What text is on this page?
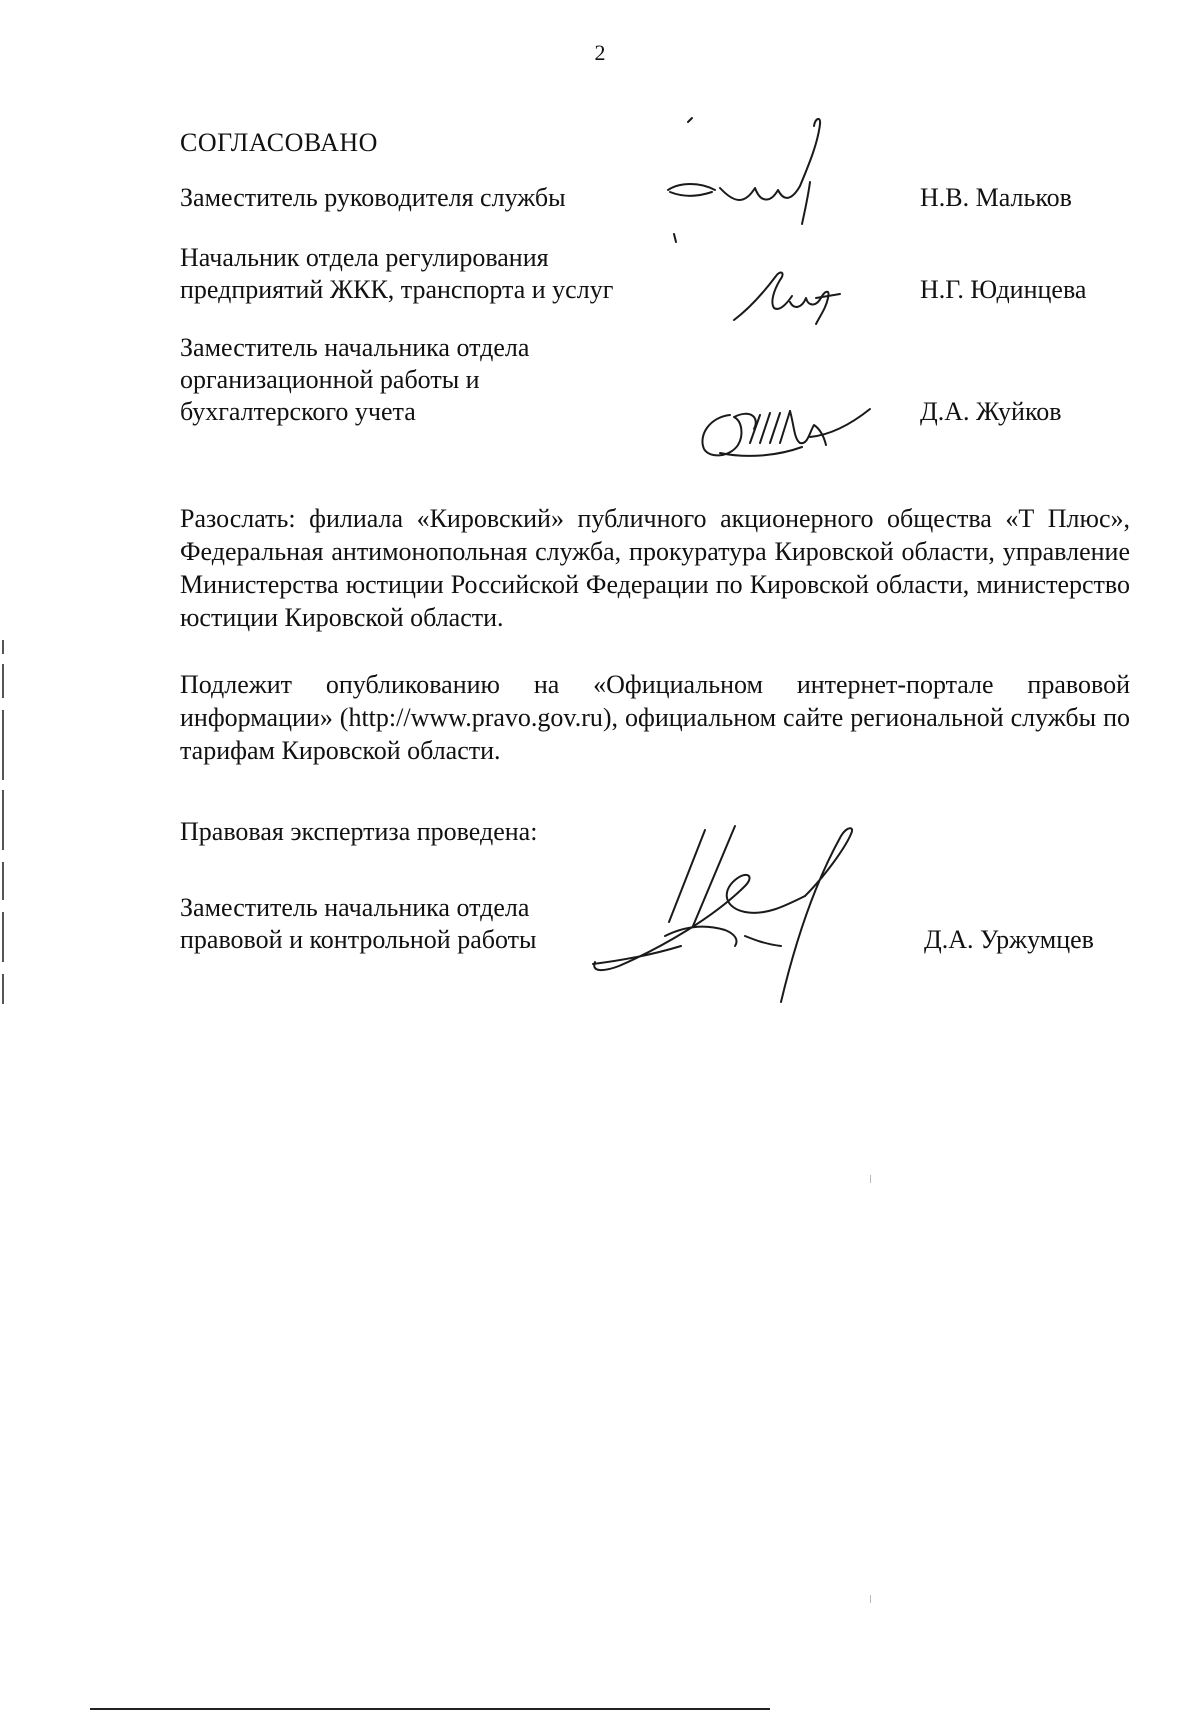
2
СОГЛАСОВАНО
Заместитель руководителя службы	Н.В. Мальков
Начальник отдела регулирования
предприятий ЖКК, транспорта и услуг	Н.Г. Юдинцева
Заместитель начальника отдела
организационной работы и
бухгалтерского учета	Д.А. Жуйков
Разослать: филиала «Кировский» публичного акционерного общества «Т Плюс», Федеральная антимонопольная служба, прокуратура Кировской области, управление Министерства юстиции Российской Федерации по Кировской области, министерство юстиции Кировской области.
Подлежит опубликованию на «Официальном интернет-портале правовой информации» (http://www.pravo.gov.ru), официальном сайте региональной службы по тарифам Кировской области.
Правовая экспертиза проведена:
Заместитель начальника отдела
правовой и контрольной работы	Д.А. Уржумцев
